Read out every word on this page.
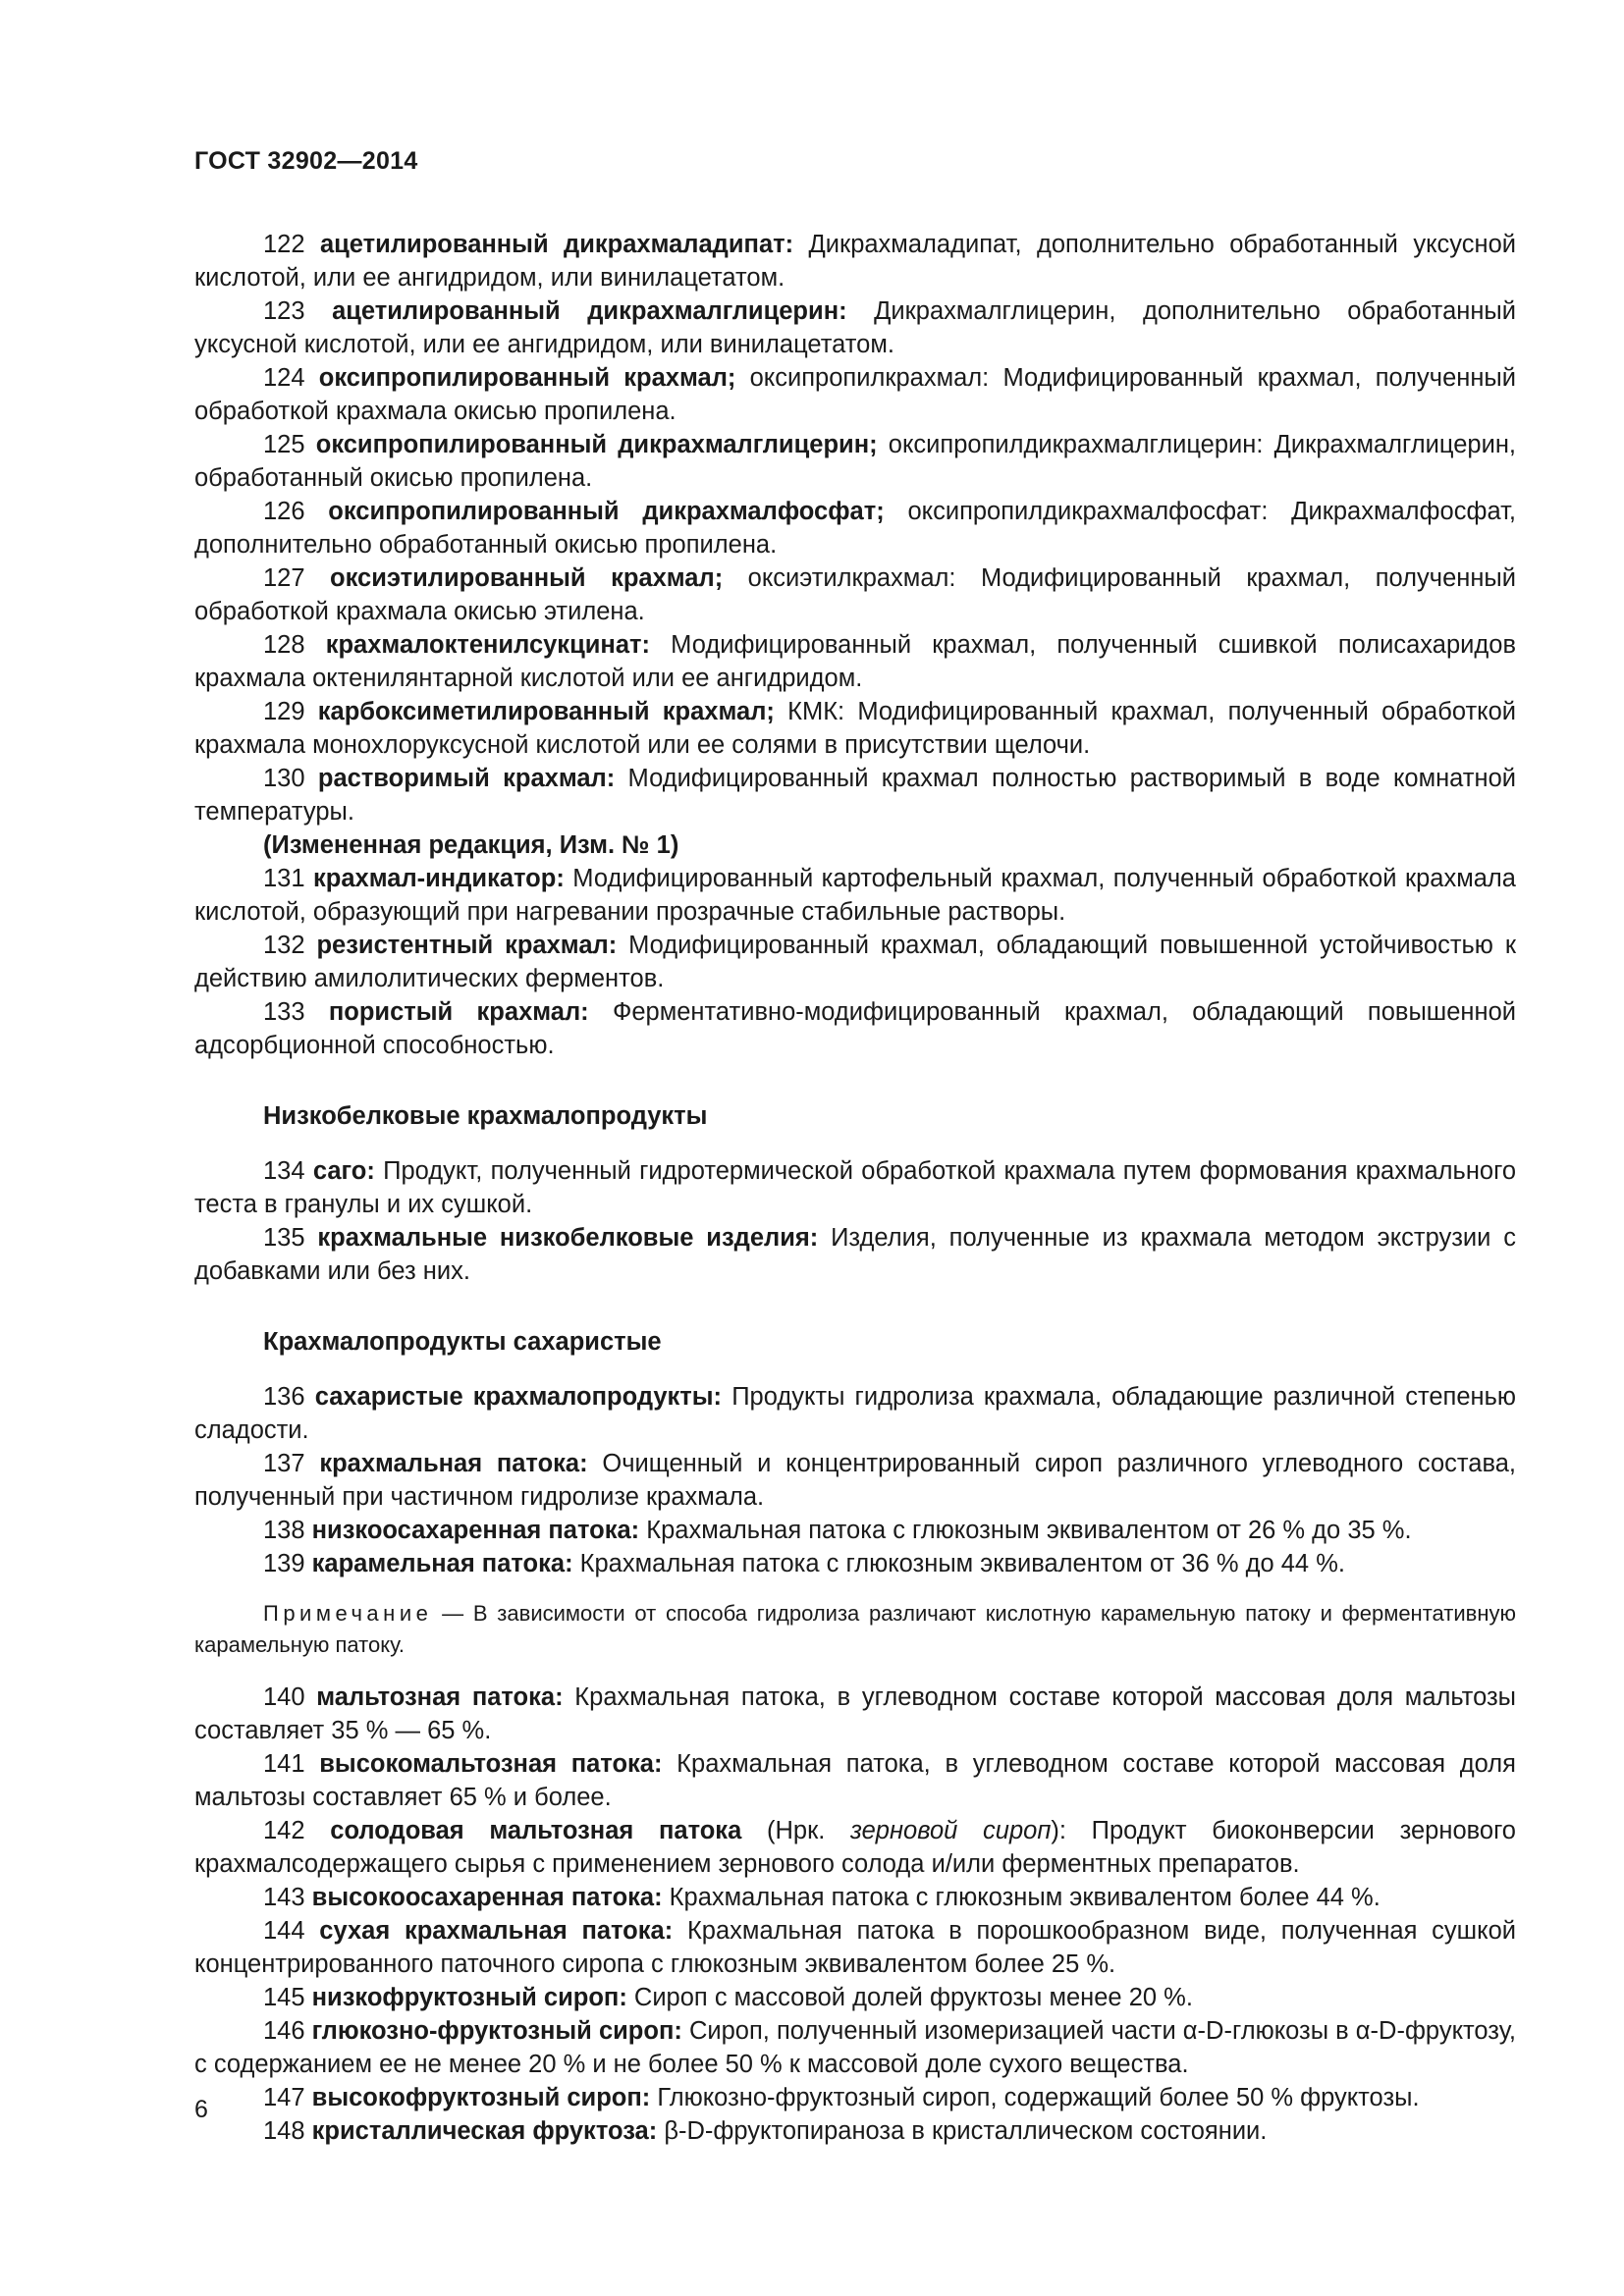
ГОСТ 32902—2014

122 ацетилированный дикрахмаладипат: Дикрахмаладипат, дополнительно обработанный уксусной кислотой, или ее ангидридом, или винилацетатом.

123 ацетилированный дикрахмалглицерин: Дикрахмалглицерин, дополнительно обработанный уксусной кислотой, или ее ангидридом, или винилацетатом.

124 оксипропилированный крахмал; оксипропилкрахмал: Модифицированный крахмал, полученный обработкой крахмала окисью пропилена.

125 оксипропилированный дикрахмалглицерин; оксипропилдикрахмалглицерин: Дикрахмалглицерин, обработанный окисью пропилена.

126 оксипропилированный дикрахмалфосфат; оксипропилдикрахмалфосфат: Дикрахмалфосфат, дополнительно обработанный окисью пропилена.

127 оксиэтилированный крахмал; оксиэтилкрахмал: Модифицированный крахмал, полученный обработкой крахмала окисью этилена.

128 крахмалоктенилсукцинат: Модифицированный крахмал, полученный сшивкой полисахаридов крахмала октенилянтарной кислотой или ее ангидридом.

129 карбоксиметилированный крахмал; КМК: Модифицированный крахмал, полученный обработкой крахмала монохлоруксусной кислотой или ее солями в присутствии щелочи.

130 растворимый крахмал: Модифицированный крахмал полностью растворимый в воде комнатной температуры.

(Измененная редакция, Изм. № 1)

131 крахмал-индикатор: Модифицированный картофельный крахмал, полученный обработкой крахмала кислотой, образующий при нагревании прозрачные стабильные растворы.

132 резистентный крахмал: Модифицированный крахмал, обладающий повышенной устойчивостью к действию амилолитических ферментов.

133 пористый крахмал: Ферментативно-модифицированный крахмал, обладающий повышенной адсорбционной способностью.

Низкобелковые крахмалопродукты

134 саго: Продукт, полученный гидротермической обработкой крахмала путем формования крахмального теста в гранулы и их сушкой.

135 крахмальные низкобелковые изделия: Изделия, полученные из крахмала методом экструзии с добавками или без них.

Крахмалопродукты сахаристые

136 сахаристые крахмалопродукты: Продукты гидролиза крахмала, обладающие различной степенью сладости.

137 крахмальная патока: Очищенный и концентрированный сироп различного углеводного состава, полученный при частичном гидролизе крахмала.

138 низкоосахаренная патока: Крахмальная патока с глюкозным эквивалентом от 26 % до 35 %.

139 карамельная патока: Крахмальная патока с глюкозным эквивалентом от 36 % до 44 %.

Примечание — В зависимости от способа гидролиза различают кислотную карамельную патоку и ферментативную карамельную патоку.

140 мальтозная патока: Крахмальная патока, в углеводном составе которой массовая доля мальтозы составляет 35 % — 65 %.

141 высокомальтозная патока: Крахмальная патока, в углеводном составе которой массовая доля мальтозы составляет 65 % и более.

142 солодовая мальтозная патока (Нрк. зерновой сироп): Продукт биоконверсии зернового крахмалсодержащего сырья с применением зернового солода и/или ферментных препаратов.

143 высокоосахаренная патока: Крахмальная патока с глюкозным эквивалентом более 44 %.

144 сухая крахмальная патока: Крахмальная патока в порошкообразном виде, полученная сушкой концентрированного паточного сиропа с глюкозным эквивалентом более 25 %.

145 низкофруктозный сироп: Сироп с массовой долей фруктозы менее 20 %.

146 глюкозно-фруктозный сироп: Сироп, полученный изомеризацией части α-D-глюкозы в α-D-фруктозу, с содержанием ее не менее 20 % и не более 50 % к массовой доле сухого вещества.

147 высокофруктозный сироп: Глюкозно-фруктозный сироп, содержащий более 50 % фруктозы.

148 кристаллическая фруктоза: β-D-фруктопираноза в кристаллическом состоянии.

6
